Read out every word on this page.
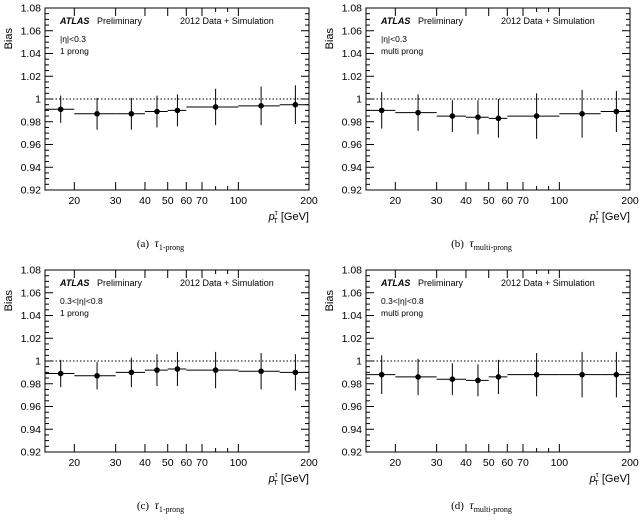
0.92
0.94
0.96
0.98
1
1.02
1.04
1.06
1.08
20	30 40 50 60 70 100	200
Bias
$p^\tau$ T [GeV]
ATLAS Preliminary	2012 Data + Simulation
|η|<0.3
1 prong
(a) $\tau_{1-prong}$
0.92
0.94
0.96
0.98
1
1.02
1.04
1.06
1.08
20	30 40 50 60 70 100	200
Bias
$p^\tau$ T [GeV]
ATLAS Preliminary	2012 Data + Simulation
|η|<0.3
multi prong
(b) $\tau_{multi-prong}$
0.92
0.94
0.96
0.98
1
1.02
1.04
1.06
1.08
20	30 40 50 60 70 100	200
Bias
$p^\tau$ T [GeV]
ATLAS Preliminary	2012 Data + Simulation
0.3<|η|<0.8
1 prong
(c) $\tau_{1-prong}$
0.92
0.94
0.96
0.98
1
1.02
1.04
1.06
1.08
20	30 40 50 60 70 100	200
Bias
$p^\tau$ T [GeV]
ATLAS Preliminary	2012 Data + Simulation
0.3<|η|<0.8
multi prong
(d) $\tau_{multi-prong}$
